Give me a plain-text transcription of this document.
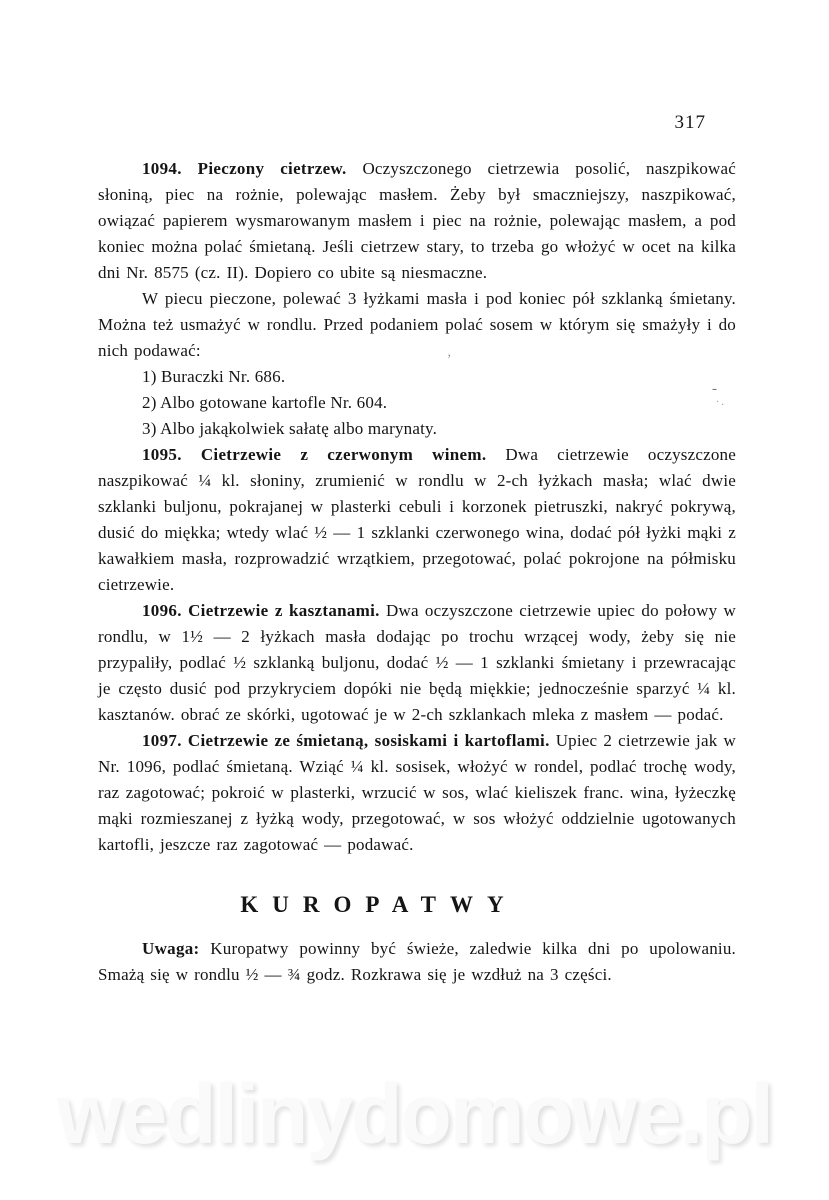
317

1094. Pieczony cietrzew. Oczyszczonego cietrzewia posolić, naszpikować słoniną, piec na rożnie, polewając masłem. Żeby był smaczniejszy, naszpikować, owiązać papierem wysmarowanym masłem i piec na rożnie, polewając masłem, a pod koniec można polać śmietaną. Jeśli cietrzew stary, to trzeba go włożyć w ocet na kilka dni Nr. 8575 (cz. II). Dopiero co ubite są niesmaczne.

W piecu pieczone, polewać 3 łyżkami masła i pod koniec pół szklanką śmietany. Można też usmażyć w rondlu. Przed podaniem polać sosem w którym się smażyły i do nich podawać:

1) Buraczki Nr. 686.
2) Albo gotowane kartofle Nr. 604.
3) Albo jakąkolwiek sałatę albo marynaty.

1095. Cietrzewie z czerwonym winem. Dwa cietrzewie oczyszczone naszpikować ¼ kl. słoniny, zrumienić w rondlu w 2-ch łyżkach masła; wlać dwie szklanki buljonu, pokrajanej w plasterki cebuli i korzonek pietruszki, nakryć pokrywą, dusić do miękka; wtedy wlać ½ — 1 szklanki czerwonego wina, dodać pół łyżki mąki z kawałkiem masła, rozprowadzić wrzątkiem, przegotować, polać pokrojone na półmisku cietrzewie.

1096. Cietrzewie z kasztanami. Dwa oczyszczone cietrzewie upiec do połowy w rondlu, w 1½ — 2 łyżkach masła dodając po trochu wrzącej wody, żeby się nie przypaliły, podlać ½ szklanką buljonu, dodać ½ — 1 szklanki śmietany i przewracając je często dusić pod przykryciem dopóki nie będą miękkie; jednocześnie sparzyć ¼ kl. kasztanów. obrać ze skórki, ugotować je w 2-ch szklankach mleka z masłem — podać.

1097. Cietrzewie ze śmietaną, sosiskami i kartoflami. Upiec 2 cietrzewie jak w Nr. 1096, podlać śmietaną. Wziąć ¼ kl. sosisek, włożyć w rondel, podlać trochę wody, raz zagotować; pokroić w plasterki, wrzucić w sos, wlać kieliszek franc. wina, łyżeczkę mąki rozmieszanej z łyżką wody, przegotować, w sos włożyć oddzielnie ugotowanych kartofli, jeszcze raz zagotować — podawać.

KUROPATWY

Uwaga: Kuropatwy powinny być świeże, zaledwie kilka dni po upolowaniu. Smażą się w rondlu ½ — ¾ godz. Rozkrawa się je wzdłuż na 3 części.

’
-
·.
wedlinydomowe.pl
